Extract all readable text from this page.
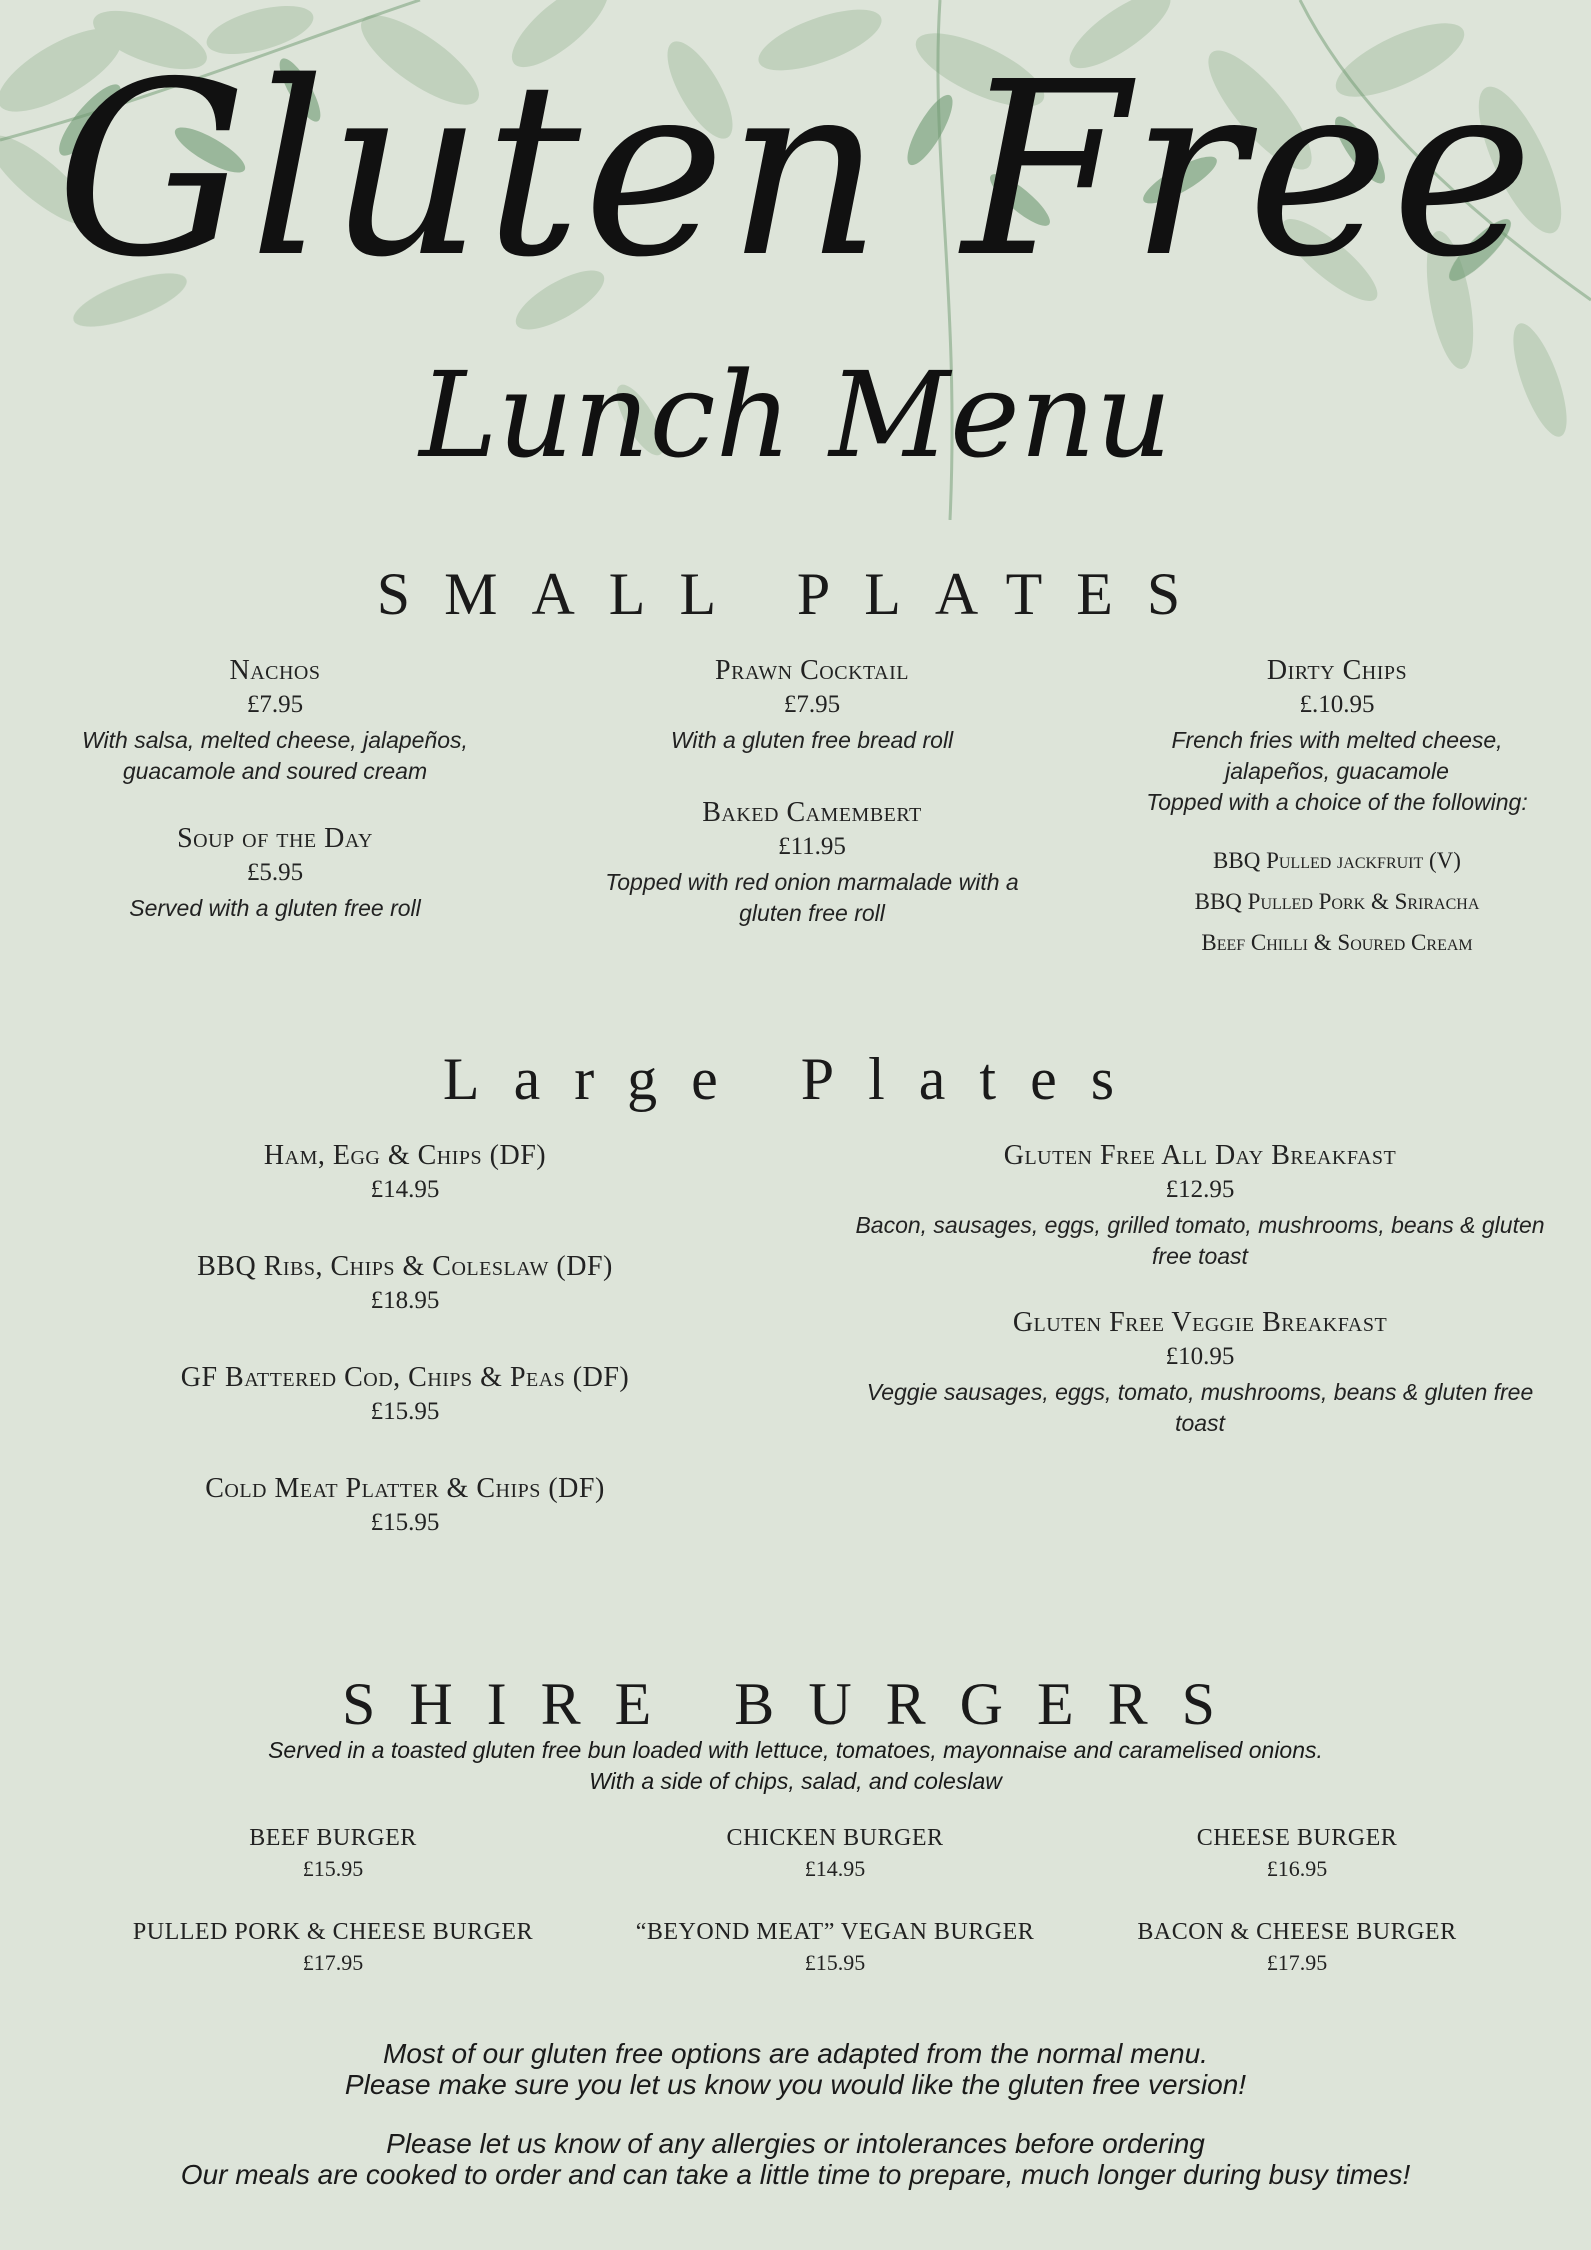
Gluten Free
Lunch Menu
SMALL PLATES
Nachos
£7.95
With salsa, melted cheese, jalapeños, guacamole and soured cream
Soup of the Day
£5.95
Served with a gluten free roll
Prawn Cocktail
£7.95
With a gluten free bread roll
Baked Camembert
£11.95
Topped with red onion marmalade with a gluten free roll
Dirty Chips
£.10.95
French fries with melted cheese, jalapeños, guacamole
Topped with a choice of the following:
BBQ Pulled jackfruit (V)
BBQ Pulled Pork & Sriracha
Beef Chilli & Soured Cream
Large Plates
Ham, Egg & Chips (DF)
£14.95
BBQ Ribs, Chips & Coleslaw (DF)
£18.95
GF Battered Cod, Chips & Peas (DF)
£15.95
Cold Meat Platter & Chips (DF)
£15.95
Gluten Free All Day Breakfast
£12.95
Bacon, sausages, eggs, grilled tomato, mushrooms, beans & gluten free toast
Gluten Free Veggie Breakfast
£10.95
Veggie sausages, eggs, tomato, mushrooms, beans & gluten free toast
SHIRE BURGERS
Served in a toasted gluten free bun loaded with lettuce, tomatoes, mayonnaise and caramelised onions.
With a side of chips, salad, and coleslaw
BEEF BURGER
£15.95
CHICKEN BURGER
£14.95
CHEESE BURGER
£16.95
PULLED PORK & CHEESE BURGER
£17.95
“BEYOND MEAT” VEGAN BURGER
£15.95
BACON & CHEESE BURGER
£17.95
Most of our gluten free options are adapted from the normal menu.
Please make sure you let us know you would like the gluten free version!
Please let us know of any allergies or intolerances before ordering
Our meals are cooked to order and can take a little time to prepare, much longer during busy times!
